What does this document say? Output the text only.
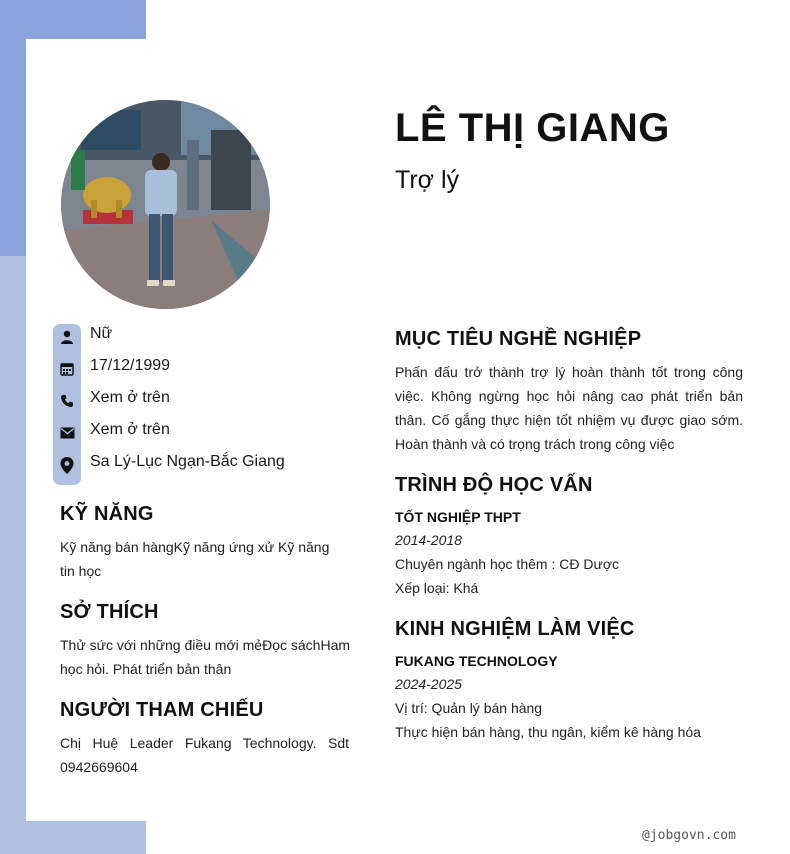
LÊ THỊ GIANG
Trợ lý
Nữ
17/12/1999
Xem ở trên
Xem ở trên
Sa Lý-Lục Ngạn-Bắc Giang
KỸ NĂNG
Kỹ năng bán hàngKỹ năng ứng xử Kỹ năng tin học
SỞ THÍCH
Thử sức với những điều mới mẻĐọc sáchHam học hỏi. Phát triển bản thân
NGƯỜI THAM CHIẾU
Chị Huệ Leader Fukang Technology. Sdt 0942669604
MỤC TIÊU NGHỀ NGHIỆP
Phấn đấu trở thành trợ lý hoàn thành tốt trong công việc. Không ngừng học hỏi nâng cao phát triển bản thân. Cố gắng thực hiện tốt nhiệm vụ được giao sớm. Hoàn thành và có trọng trách trong công việc
TRÌNH ĐỘ HỌC VẤN
TỐT NGHIỆP THPT
2014-2018
Chuyên ngành học thêm : CĐ Dược
Xếp loại: Khá
KINH NGHIỆM LÀM VIỆC
FUKANG TECHNOLOGY
2024-2025
Vị trí: Quản lý bán hàng
Thực hiện bán hàng, thu ngân, kiểm kê hàng hóa
@jobgovn.com
